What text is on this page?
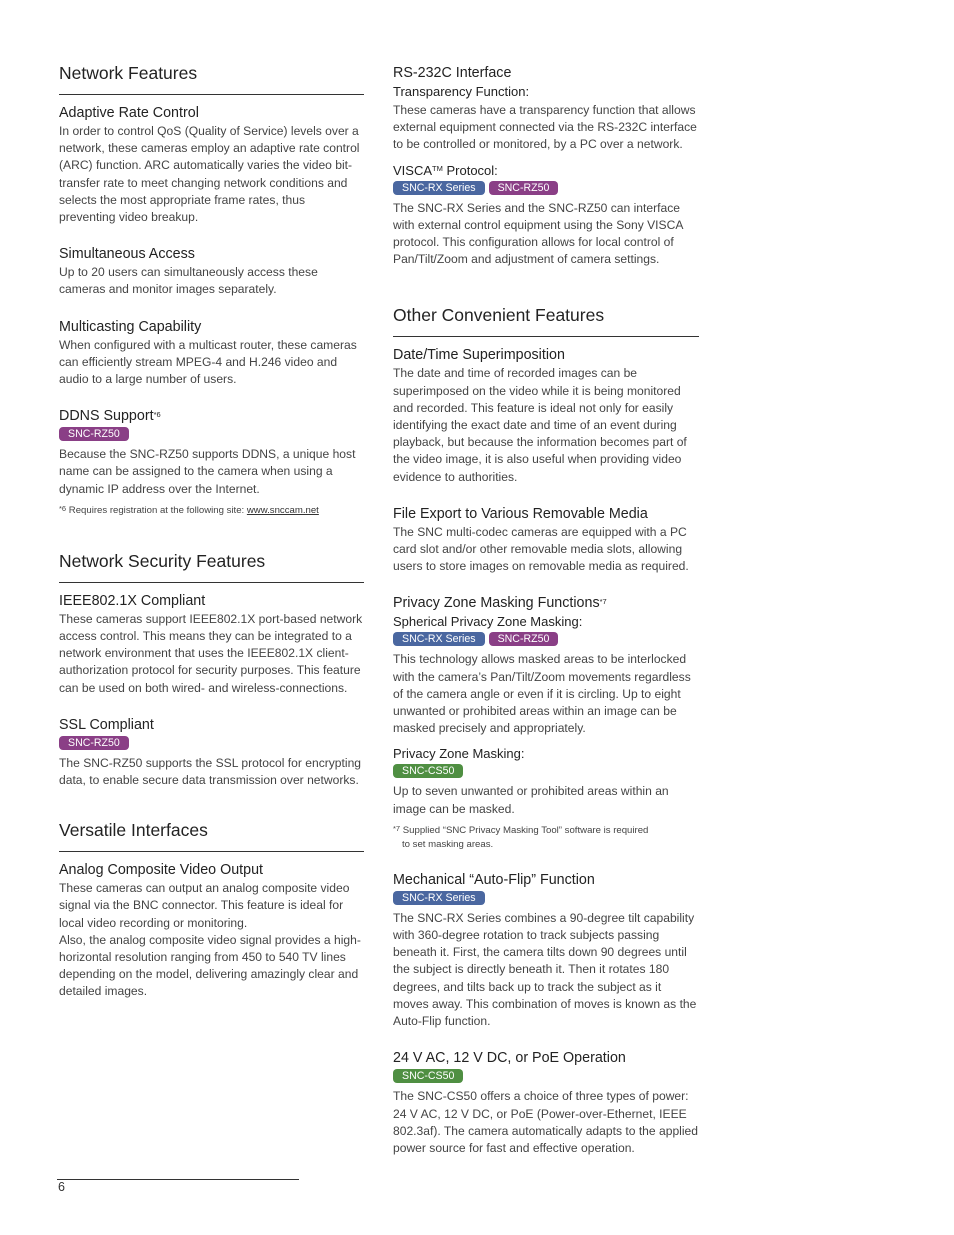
Network Features
Adaptive Rate Control

In order to control QoS (Quality of Service) levels over a network, these cameras employ an adaptive rate control (ARC) function. ARC automatically varies the video bit-transfer rate to meet changing network conditions and selects the most appropriate frame rates, thus preventing video breakup.

Simultaneous Access

Up to 20 users can simultaneously access these cameras and monitor images separately.

Multicasting Capability

When configured with a multicast router, these cameras can efficiently stream MPEG-4 and H.246 video and audio to a large number of users.

DDNS Support$^{*6}$
SNC-RZ50

Because the SNC-RZ50 supports DDNS, a unique host name can be assigned to the camera when using a dynamic IP address over the Internet.

$^{*6}$ Requires registration at the following site: www.snccam.net
Network Security Features
IEEE802.1X Compliant

These cameras support IEEE802.1X port-based network access control. This means they can be integrated to a network environment that uses the IEEE802.1X client-authorization protocol for security purposes. This feature can be used on both wired- and wireless-connections.

SSL Compliant
SNC-RZ50

The SNC-RZ50 supports the SSL protocol for encrypting data, to enable secure data transmission over networks.

Versatile Interfaces
Analog Composite Video Output

These cameras can output an analog composite video signal via the BNC connector. This feature is ideal for local video recording or monitoring.

Also, the analog composite video signal provides a high-horizontal resolution ranging from 450 to 540 TV lines depending on the model, delivering amazingly clear and detailed images.

RS-232C Interface
Transparency Function:

These cameras have a transparency function that allows external equipment connected via the RS-232C interface to be controlled or monitored, by a PC over a network.

VISCA™ Protocol:
SNC-RX Series SNC-RZ50

The SNC-RX Series and the SNC-RZ50 can interface with external control equipment using the Sony VISCA protocol. This configuration allows for local control of Pan/Tilt/Zoom and adjustment of camera settings.

Other Convenient Features
Date/Time Superimposition

The date and time of recorded images can be superimposed on the video while it is being monitored and recorded. This feature is ideal not only for easily identifying the exact date and time of an event during playback, but because the information becomes part of the video image, it is also useful when providing video evidence to authorities.

File Export to Various Removable Media

The SNC multi-codec cameras are equipped with a PC card slot and/or other removable media slots, allowing users to store images on removable media as required.

Privacy Zone Masking Functions$^{*7}$
Spherical Privacy Zone Masking:
SNC-RX Series SNC-RZ50

This technology allows masked areas to be interlocked with the camera’s Pan/Tilt/Zoom movements regardless of the camera angle or even if it is circling. Up to eight unwanted or prohibited areas within an image can be masked precisely and appropriately.

Privacy Zone Masking:
SNC-CS50

Up to seven unwanted or prohibited areas within an image can be masked.

$^{*7}$ Supplied “SNC Privacy Masking Tool” software is required
to set masking areas.
Mechanical “Auto-Flip” Function
SNC-RX Series

The SNC-RX Series combines a 90-degree tilt capability with 360-degree rotation to track subjects passing beneath it. First, the camera tilts down 90 degrees until the subject is directly beneath it. Then it rotates 180 degrees, and tilts back up to track the subject as it moves away. This combination of moves is known as the Auto-Flip function.

24 V AC, 12 V DC, or PoE Operation
SNC-CS50

The SNC-CS50 offers a choice of three types of power: 24 V AC, 12 V DC, or PoE (Power-over-Ethernet, IEEE 802.3af). The camera automatically adapts to the applied power source for fast and effective operation.

6
